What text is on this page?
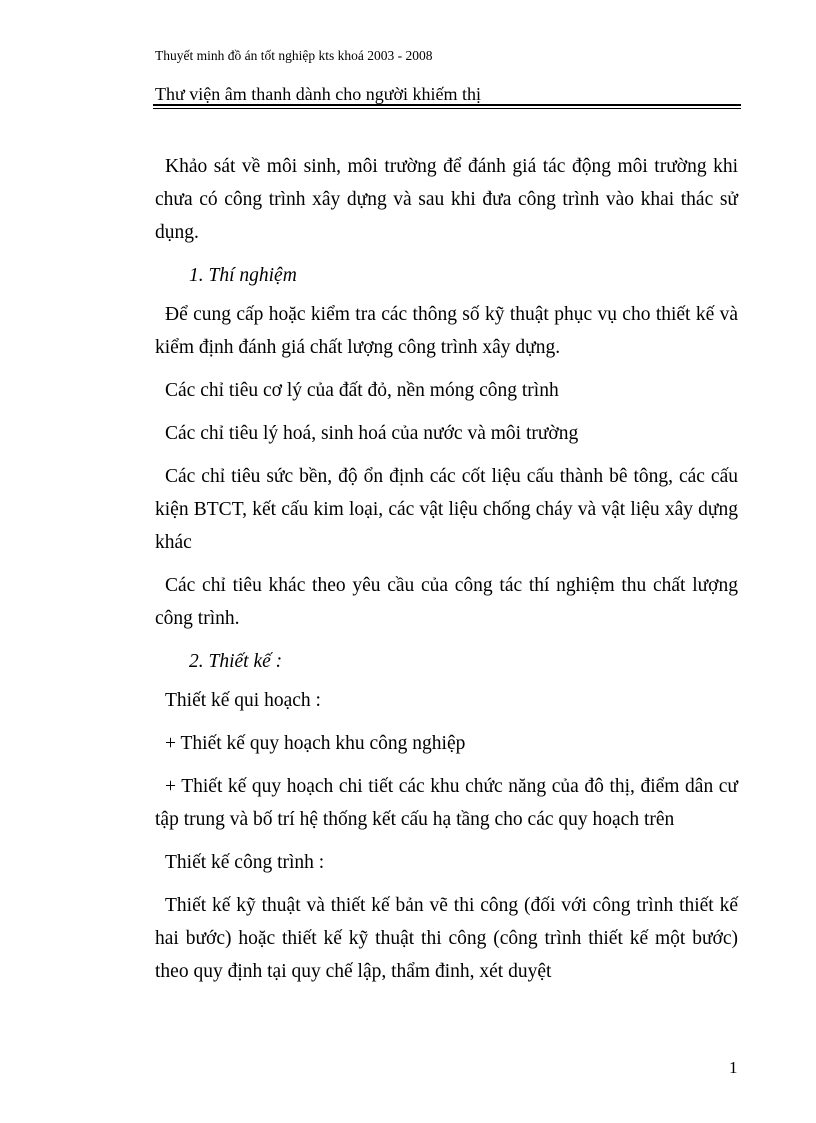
Thuyết minh đồ án tốt nghiệp kts khoá 2003 - 2008
Thư viện âm thanh dành cho người khiếm thị

Khảo sát về môi sinh, môi trường để đánh giá tác động môi trường khi chưa có công trình xây dựng và sau khi đưa công trình vào khai thác sử dụng.

1. Thí nghiệm

Để cung cấp hoặc kiểm tra các thông số kỹ thuật phục vụ cho thiết kế và kiểm định đánh giá chất lượng công trình xây dựng.

Các chỉ tiêu cơ lý của đất đỏ, nền móng công trình

Các chỉ tiêu lý hoá, sinh hoá của nước và môi trường

Các chỉ tiêu sức bền, độ ổn định các cốt liệu cấu thành bê tông, các cấu kiện BTCT, kết cấu kim loại, các vật liệu chống cháy và vật liệu xây dựng khác

Các chỉ tiêu khác theo yêu cầu của công tác thí nghiệm thu chất lượng công trình.

2. Thiết kế :

Thiết kế qui hoạch :

+ Thiết kế quy hoạch khu công nghiệp

+ Thiết kế quy hoạch chi tiết các khu chức năng của đô thị, điểm dân cư tập trung và bố trí hệ thống kết cấu hạ tầng cho các quy hoạch trên

Thiết kế công trình :

Thiết kế kỹ thuật và thiết kế bản vẽ thi công (đối với công trình thiết kế hai bước) hoặc thiết kế kỹ thuật thi công (công trình thiết kế một bước) theo quy định tại quy chế lập, thẩm đinh, xét duyệt

1
